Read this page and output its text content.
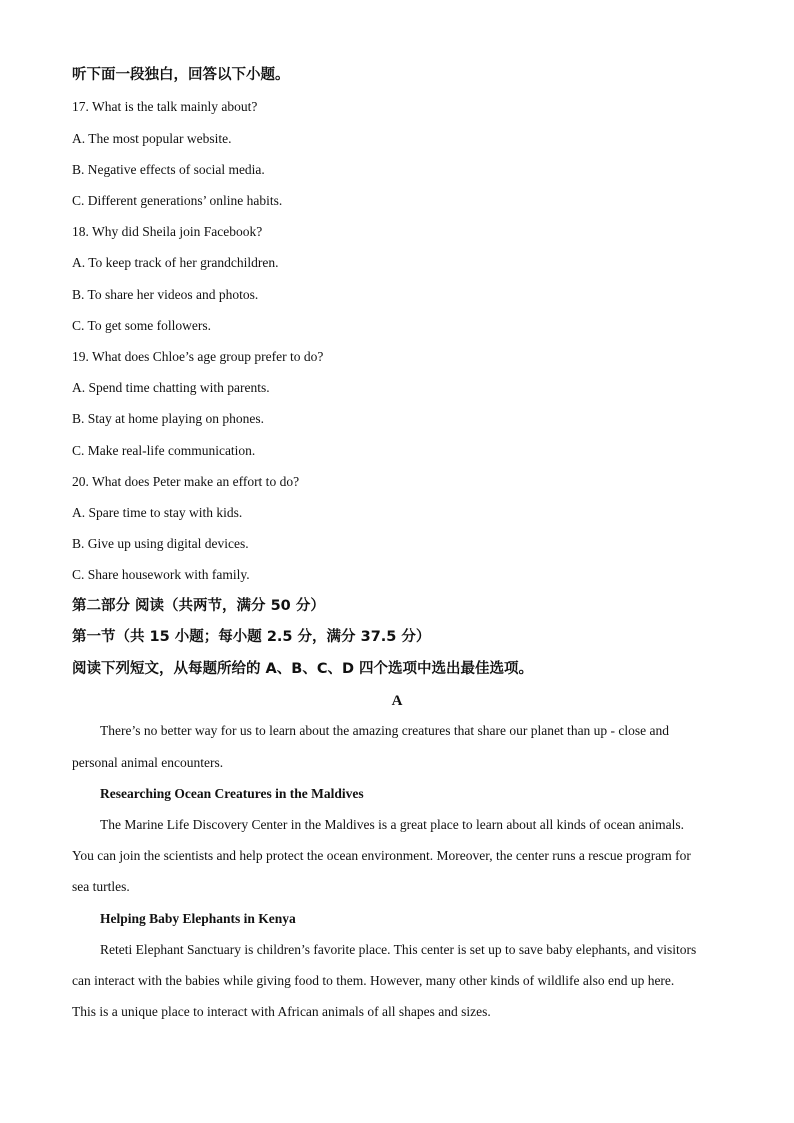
听下面一段独白，回答以下小题。
17. What is the talk mainly about?
A. The most popular website.
B. Negative effects of social media.
C. Different generations’ online habits.
18. Why did Sheila join Facebook?
A. To keep track of her grandchildren.
B. To share her videos and photos.
C. To get some followers.
19. What does Chloe’s age group prefer to do?
A. Spend time chatting with parents.
B. Stay at home playing on phones.
C. Make real-life communication.
20. What does Peter make an effort to do?
A. Spare time to stay with kids.
B. Give up using digital devices.
C. Share housework with family.
第二部分 阅读（共两节，满分 50 分）
第一节（共 15 小题；每小题 2.5 分，满分 37.5 分）
阅读下列短文，从每题所给的 A、B、C、D 四个选项中选出最佳选项。
A
There’s no better way for us to learn about the amazing creatures that share our planet than up - close and
personal animal encounters.
Researching Ocean Creatures in the Maldives
The Marine Life Discovery Center in the Maldives is a great place to learn about all kinds of ocean animals.
You can join the scientists and help protect the ocean environment. Moreover, the center runs a rescue program for
sea turtles.
Helping Baby Elephants in Kenya
Reteti Elephant Sanctuary is children’s favorite place. This center is set up to save baby elephants, and visitors
can interact with the babies while giving food to them. However, many other kinds of wildlife also end up here.
This is a unique place to interact with African animals of all shapes and sizes.
